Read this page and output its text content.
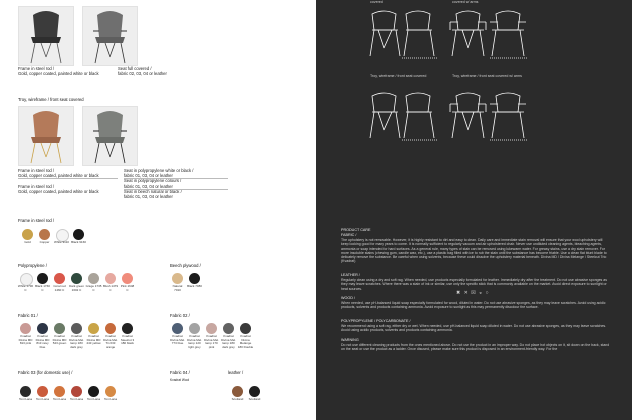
Frame in steel rod /
Gold, copper coated, painted white or black
Seat full covered /
fabric 02, 03, 04 or leather
Troy, wireframe / front seat covered
Frame in steel rod /
Gold, copper coated, painted white or black

Frame in steel rod /
Gold, copper coated, painted white or black
Seat in polypropylene white or black /
fabric 01, 03, 04 or leather
Seat in polypropylene colours /
fabric 01, 03, 04 or leather
Seat in beech natural or black /
fabric 01, 03, 04 or leather
Frame in steel rod /
Gold	Copper	White 9110 Black 9160
Polypropylene /
White 1730 C
Black 1760 C
Coral red 1460 C
Dark green 1602 C
Grége 1735 C
Blush 1479 C
Pink 1648 C
Beech plywood /
Natural 7010
Black 7080
Fabric 01 /
Kvadrat Divina MD 813 pink
Kvadrat Divina MD 813 navy blue
Kvadrat Divina MD 543 green
Kvadrat Divina Mel. lamp 183 dark grey
Kvadrat Divina MD 443 yellow
Kvadrat Divina Mel. Tin 633 orange
Kvadrat Steelcut 3 180 black
Fabric 02 /
Kvadrat Divina Mel. 773 blue
Kvadrat Divina Mel. lamp 120 light grey
Kvadrat Divina Mel. lamp 170 pink
Kvadrat Divina Mel. lamp 180 dark grey
Kvadrat Divina Melange 180 Double
Fabric 03 (for domestic use) /
Toni Lana	Toni Lana	Toni Lana	Toni Lana	Toni Lana	Toni Lana
Fabric 04 /
Kvadrat Wool
leather /
Scotland	Scotland
covered	covered w/ arms
Troy, wireframe / front seat covered	Troy, wireframe / front seat covered w/ arms
✖ ✕ ☒ ◒ ○
PRODUCT CARE
FABRIC /

The upholstery is not removable. However, it is highly resistant to dirt and easy to clean. Daily care and immediate stain removal will ensure that your wool upholstery will keep looking good for many years to come. It is normally sufficient to regularly vacuum and air upholstered chair. Never use undiluted cleaning agents, bleaching agents, ammonia or soap intended for hard surfaces. As a general rule, many types of stain can be removed using lukewarm water. For greasy stains, use a dry stain remover. For more insoluble stains (chewing gum, candle wax, etc.), use a plastic bag filled with ice to rub the stain until the substance has become friable. Use a clean flat blunt blade to delicately remove the substance. Be careful when using solvents, because these could dissolve the upholstery material beneath. Divina MD / Divina Melange / Steelcut Trio (Kvadrat)

LEATHER /

Regularly clean using a dry and soft rag. When needed, use products especially formulated for leather. Immediately dry after the treatment. Do not use abrasive sponges as they may leave scratches. Where there was a stain of ink or similar, use only the specific stick that is commonly available on the market. Avoid direct exposure to sunlight or heat sources.

WOOD /

When needed, use pH-balanced liquid soap especially formulated for wood, diluted in water. Do not use abrasive sponges, as they may leave scratches. Avoid using acidic products, solvents and products containing ammonia. Avoid exposure to sunlight as this may permanently discolour the surface.

POLYPROPYLENE / POLYCARBONATE /

We recommend using a soft rag, either dry or wet. When needed, use pH-balanced liquid soap diluted in water. Do not use abrasive sponges, as they may leave scratches. Avoid using acidic products, solvents and products containing ammonia.

WARNING

Do not use different cleaning products from the ones mentioned above. Do not use the product in an improper way. Do not place hot objects on it, sit down on the back, stand on the seat or use the product as a ladder. Once disused, please make sure this product is disposed in an environment-friendly way. For the
